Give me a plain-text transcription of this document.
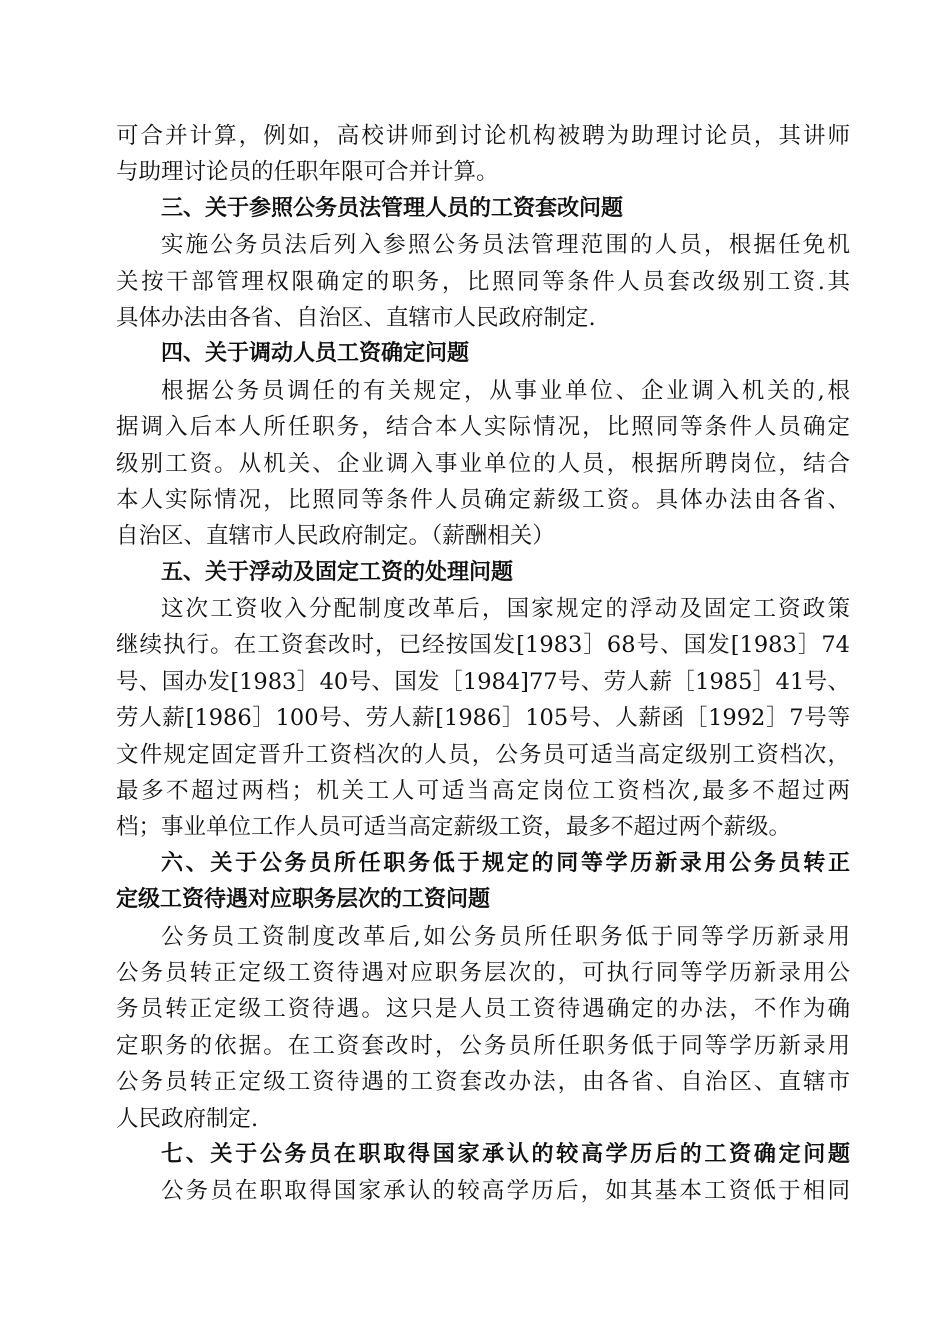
可合并计算，例如，高校讲师到讨论机构被聘为助理讨论员，其讲师
与助理讨论员的任职年限可合并计算。
三、关于参照公务员法管理人员的工资套改问题
实施公务员法后列入参照公务员法管理范围的人员，根据任免机
关按干部管理权限确定的职务，比照同等条件人员套改级别工资.其
具体办法由各省、自治区、直辖市人民政府制定.
四、关于调动人员工资确定问题
根据公务员调任的有关规定，从事业单位、企业调入机关的,根
据调入后本人所任职务，结合本人实际情况，比照同等条件人员确定
级别工资。从机关、企业调入事业单位的人员，根据所聘岗位，结合
本人实际情况，比照同等条件人员确定薪级工资。具体办法由各省、
自治区、直辖市人民政府制定。（薪酬相关）
五、关于浮动及固定工资的处理问题
这次工资收入分配制度改革后，国家规定的浮动及固定工资政策
继续执行。在工资套改时，已经按国发[1983］68号、国发[1983］74
号、国办发[1983］40号、国发［1984]77号、劳人薪［1985］41号、
劳人薪[1986］100号、劳人薪[1986］105号、人薪函［1992］7号等
文件规定固定晋升工资档次的人员，公务员可适当高定级别工资档次，
最多不超过两档；机关工人可适当高定岗位工资档次,最多不超过两
档；事业单位工作人员可适当高定薪级工资，最多不超过两个薪级。
六、关于公务员所任职务低于规定的同等学历新录用公务员转正
定级工资待遇对应职务层次的工资问题
公务员工资制度改革后,如公务员所任职务低于同等学历新录用
公务员转正定级工资待遇对应职务层次的，可执行同等学历新录用公
务员转正定级工资待遇。这只是人员工资待遇确定的办法，不作为确
定职务的依据。在工资套改时，公务员所任职务低于同等学历新录用
公务员转正定级工资待遇的工资套改办法，由各省、自治区、直辖市
人民政府制定.
七、关于公务员在职取得国家承认的较高学历后的工资确定问题
公务员在职取得国家承认的较高学历后，如其基本工资低于相同
